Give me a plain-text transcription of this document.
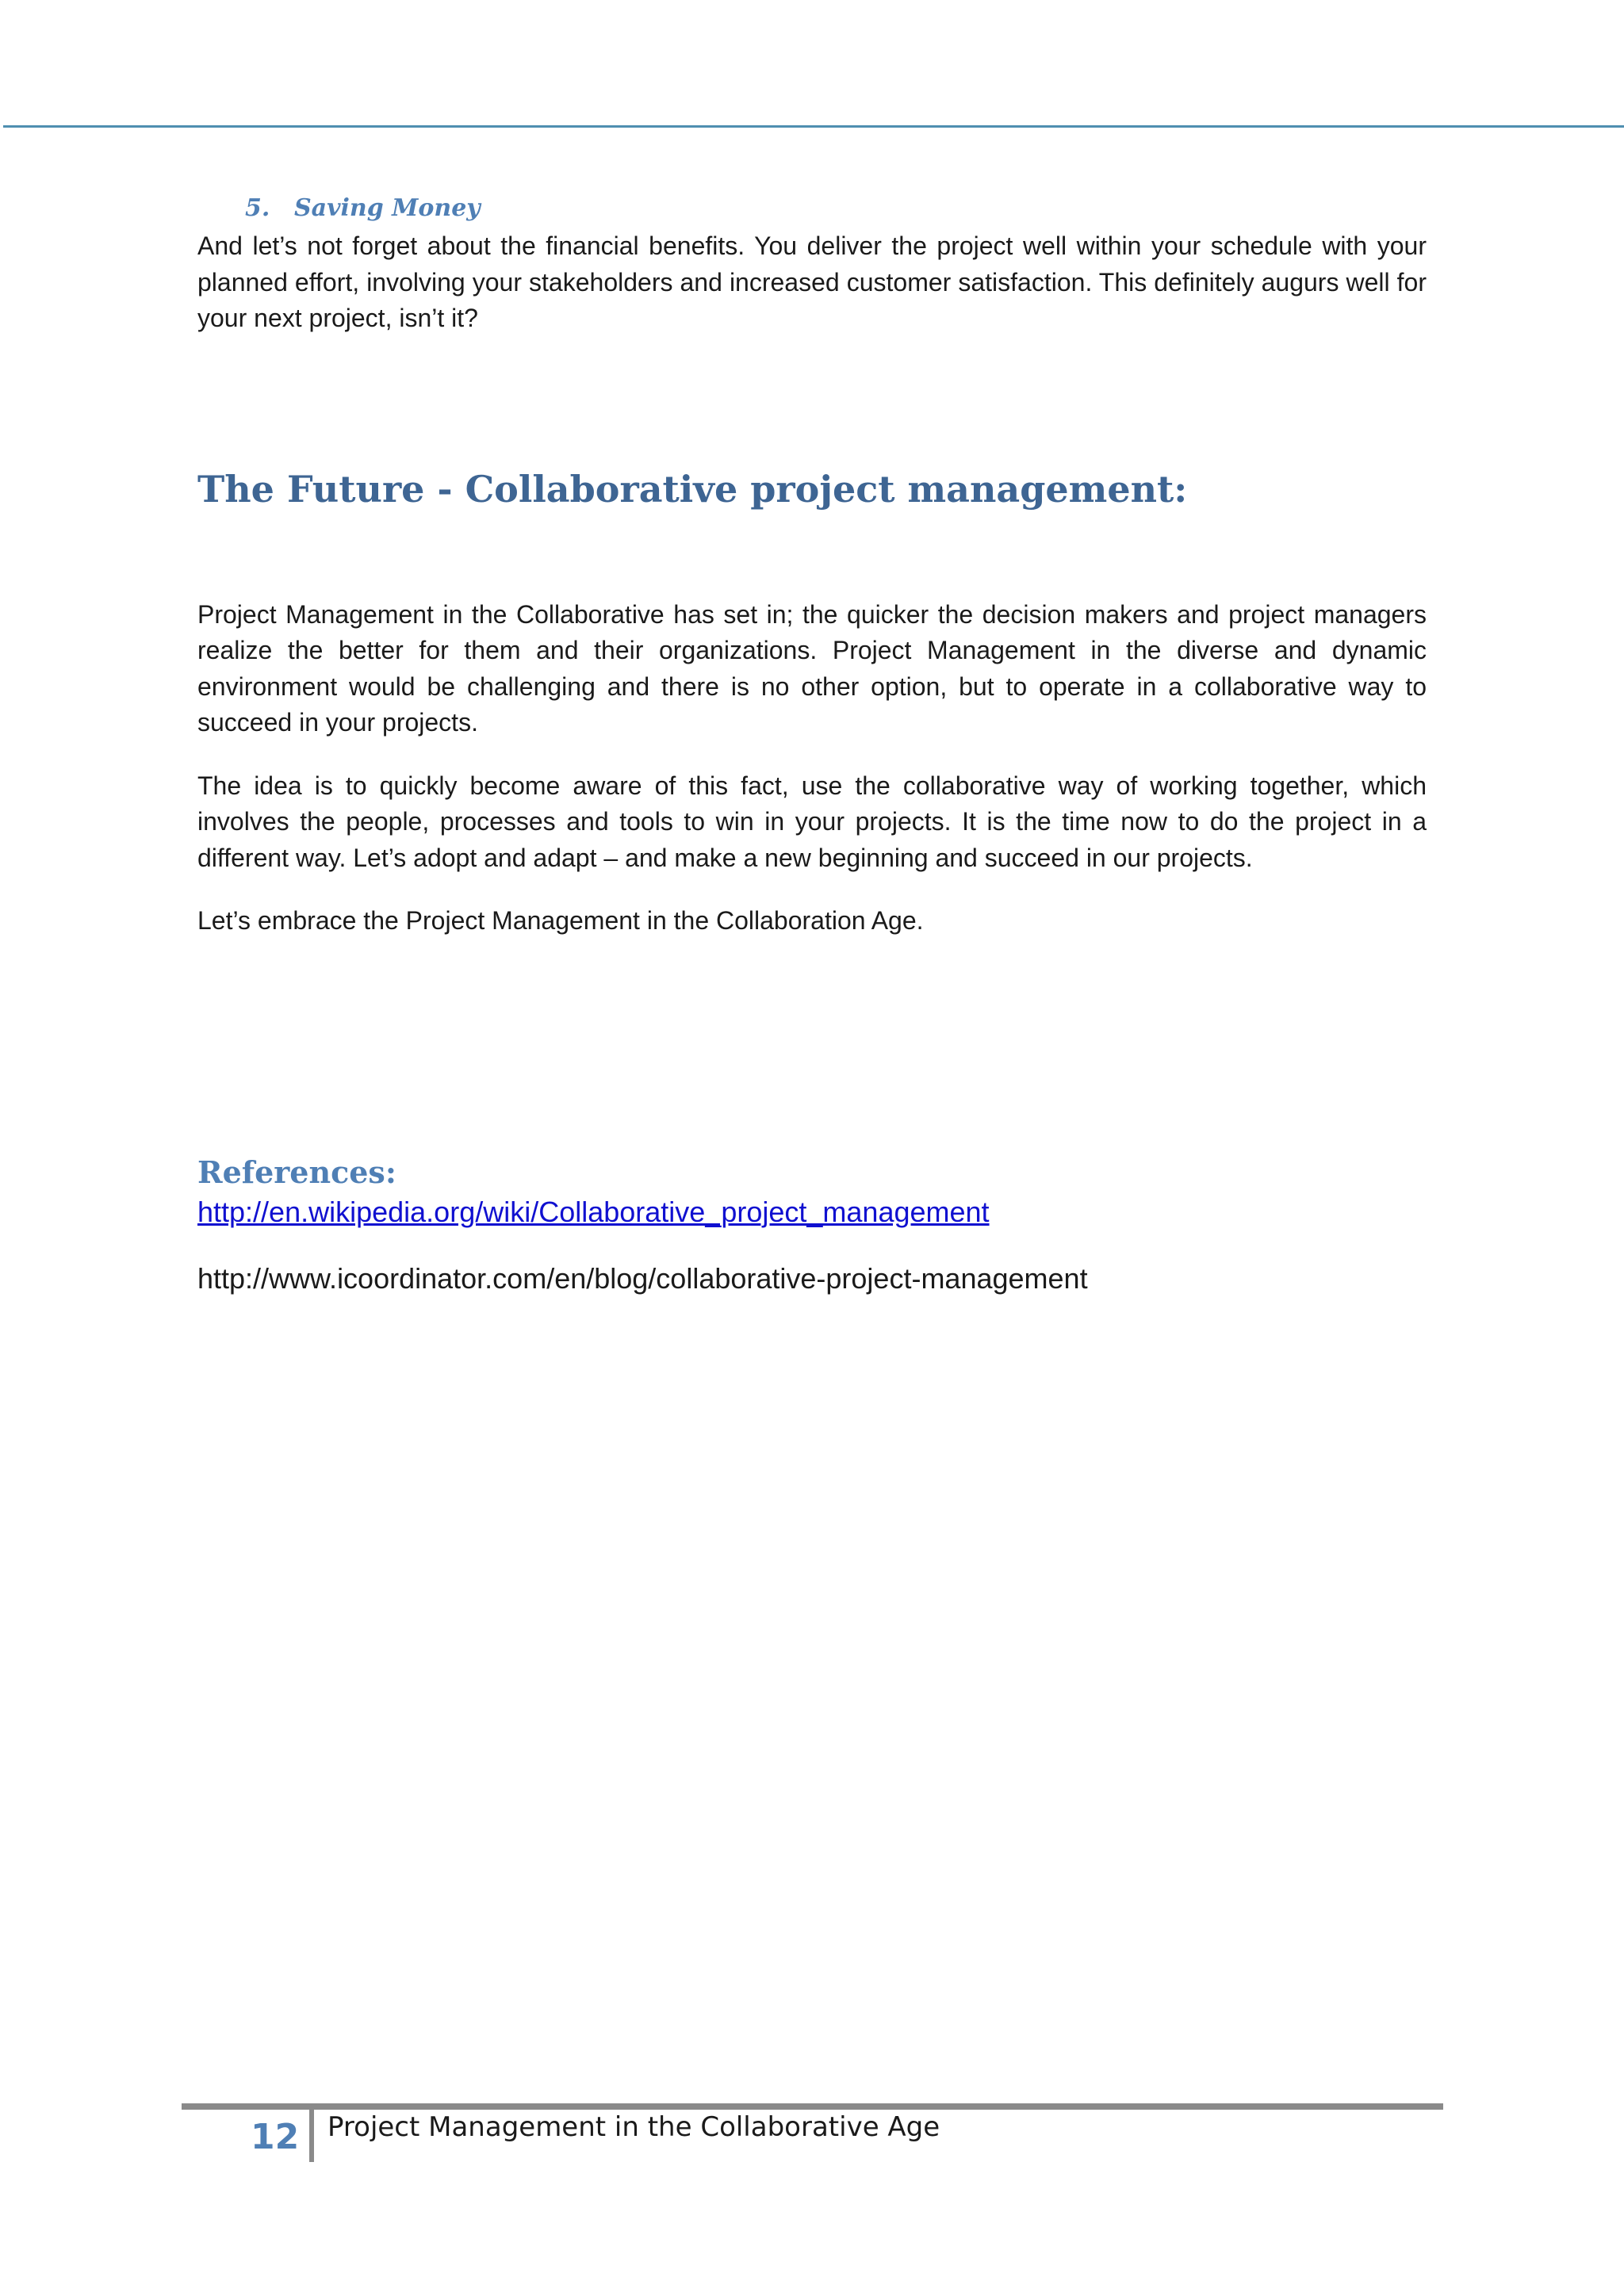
5. Saving Money

And let’s not forget about the financial benefits. You deliver the project well within your schedule with your planned effort, involving your stakeholders and increased customer satisfaction. This definitely augurs well for your next project, isn’t it?

The Future - Collaborative project management:

Project Management in the Collaborative has set in; the quicker the decision makers and project managers realize the better for them and their organizations. Project Management in the diverse and dynamic environment would be challenging and there is no other option, but to operate in a collaborative way to succeed in your projects.

The idea is to quickly become aware of this fact, use the collaborative way of working together, which involves the people, processes and tools to win in your projects. It is the time now to do the project in a different way. Let’s adopt and adapt – and make a new beginning and succeed in our projects.

Let’s embrace the Project Management in the Collaboration Age.

References:
http://en.wikipedia.org/wiki/Collaborative_project_management
http://www.icoordinator.com/en/blog/collaborative-project-management
12 Project Management in the Collaborative Age
